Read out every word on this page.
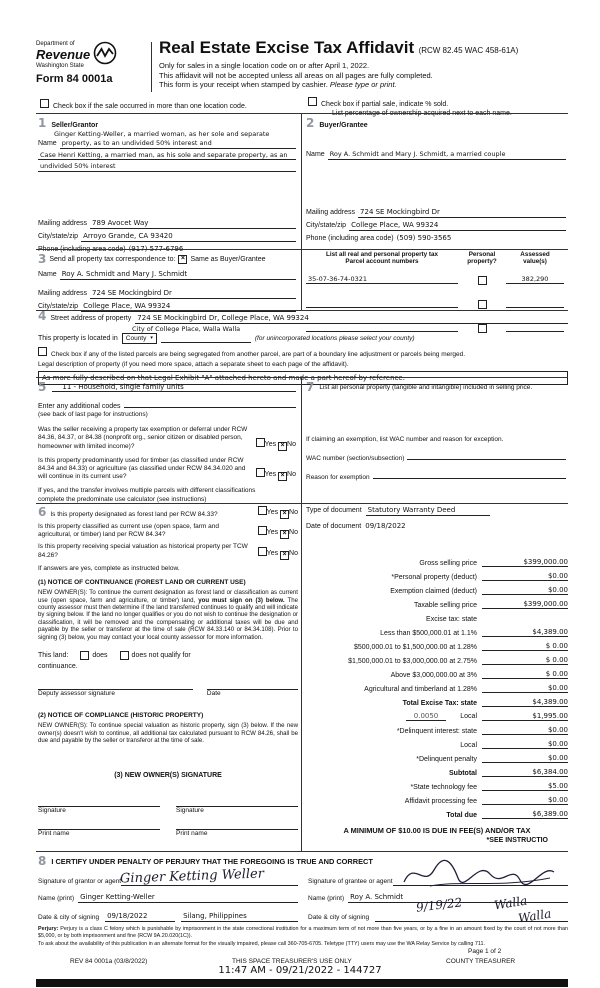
Department of
Revenue
Washington State
Form 84 0001a
Real Estate Excise Tax Affidavit (RCW 82.45 WAC 458-61A)
Only for sales in a single location code on or after April 1, 2022.
This affidavit will not be accepted unless all areas on all pages are fully completed.
This form is your receipt when stamped by cashier. Please type or print.
Check box if the sale occurred in more than one location code.	Check box if partial sale, indicate % sold.
List percentage of ownership acquired next to each name.
1 Seller/Grantor
Ginger Ketting-Weller, a married woman, as her sole and separate
Name property, as to an undivided 50% interest and
Case Henri Ketting, a married man, as his sole and separate property, as an
undivided 50% interest
Mailing address 789 Avocet Way
City/state/zip Arroyo Grande, CA 93420
Phone (including area code) (917) 577-6796
2 Buyer/Grantee
Name Roy A. Schmidt and Mary J. Schmidt, a married couple
Mailing address 724 SE Mockingbird Dr
City/state/zip College Place, WA 99324
Phone (including area code) (509) 590-3565
3 Send all property tax correspondence to: × Same as Buyer/Grantee
Name Roy A. Schmidt and Mary J. Schmidt
Mailing address 724 SE Mockingbird Dr
City/state/zip College Place, WA 99324
List all real and personal property tax
Parcel account numbers
Personal
property?
Assessed
value(s)
35-07-36-74-0321	382,290
4 Street address of property 724 SE Mockingbird Dr, College Place, WA 99324
City of College Place, Walla Walla
This property is located in County ▾	(for unincorporated locations please select your county)
Check box if any of the listed parcels are being segregated from another parcel, are part of a boundary line adjustment or parcels being merged.
Legal description of property (if you need more space, attach a separate sheet to each page of the affidavit).
As more fully described on that Legal Exhibit "A" attached hereto and made a part hereof by reference.
5	11 - Household, single family units
Enter any additional codes
(see back of last page for instructions)
Was the seller receiving a property tax exemption or deferral under RCW 84.36, 84.37, or 84.38 (nonprofit org., senior citizen or disabled person, homeowner with limited income)?	Yes × No
Is this property predominantly used for timber (as classified under RCW 84.34 and 84.33) or agriculture (as classified under RCW 84.34.020 and will continue in its current use?	Yes × No
If yes, and the transfer involves multiple parcels with different classifications complete the predominate use calculator (see instructions)
7 List all personal property (tangible and intangible) included in selling price.
If claiming an exemption, list WAC number and reason for exception.
WAC number (section/subsection)
Reason for exemption
6 Is this property designated as forest land per RCW 84.33?	Yes × No
Is this property classified as current use (open space, farm and agricultural, or timber) land per RCW 84.34?	Yes × No
Is this property receiving special valuation as historical property per TCW 84.26?	Yes × No
If answers are yes, complete as instructed below.
(1) NOTICE OF CONTINUANCE (FOREST LAND OR CURRENT USE)
NEW OWNER(S): To continue the current designation as forest land or classification as current use (open space, farm and agriculture, or timber) land, you must sign on (3) below. The county assessor must then determine if the land transferred continues to qualify and will indicate by signing below. If the land no longer qualifies or you do not wish to continue the designation or classification, it will be removed and the compensating or additional taxes will be due and payable by the seller or transferor at the time of sale (RCW 84.33.140 or 84.34.108). Prior to signing (3) below, you may contact your local county assessor for more information.
This land:	does	does not qualify for
continuance.
Deputy assessor signature	Date
(2) NOTICE OF COMPLIANCE (HISTORIC PROPERTY)
NEW OWNER(S): To continue special valuation as historic property, sign (3) below. If the new owner(s) doesn't wish to continue, all additional tax calculated pursuant to RCW 84.26, shall be due and payable by the seller or transferor at the time of sale.
(3) NEW OWNER(S) SIGNATURE
Signature	Signature
Print name	Print name
Type of document Statutory Warranty Deed
Date of document 09/18/2022
Gross selling price	$399,000.00
*Personal property (deduct)	$0.00
Exemption claimed (deduct)	$0.00
Taxable selling price	$399,000.00
Excise tax: state
Less than $500,000.01 at 1.1%	$4,389.00
$500,000.01 to $1,500,000.00 at 1.28%	$ 0.00
$1,500,000.01 to $3,000,000.00 at 2.75%	$ 0.00
Above $3,000,000.00 at 3%	$ 0.00
Agricultural and timberland at 1.28%	$0.00
Total Excise Tax: state	$4,389.00
0.0050	Local	$1,995.00
*Delinquent interest: state	$0.00
Local	$0.00
*Delinquent penalty	$0.00
Subtotal	$6,384.00
*State technology fee	$5.00
Affidavit processing fee	$0.00
Total due	$6,389.00
A MINIMUM OF $10.00 IS DUE IN FEE(S) AND/OR TAX
*SEE INSTRUCTIO
8 I CERTIFY UNDER PENALTY OF PERJURY THAT THE FOREGOING IS TRUE AND CORRECT
Ginger Ketting Weller
Signature of grantor or agent	Signature of grantee or agent
Name (print) Ginger Ketting-Weller	Name (print) Roy A. Schmidt
Date & city of signing 09/18/2022	Silang, Philippines	Date & city of signing
9/19/22	Walla
Walla
Perjury: Perjury is a class C felony which is punishable by imprisonment in the state correctional institution for a maximum term of not more than five years, or by a fine in an amount fixed by the court of not more than $5,000, or by both imprisonment and fine (RCW 9A.20.020(1C)).
To ask about the availability of this publication in an alternate format for the visually impaired, please call 360-705-6705. Teletype (TTY) users may use the WA Relay Service by calling 711.
Page 1 of 2
REV 84 0001a (03/8/2022)	THIS SPACE TREASURER'S USE ONLY	COUNTY TREASURER
11:47 AM - 09/21/2022 - 144727
